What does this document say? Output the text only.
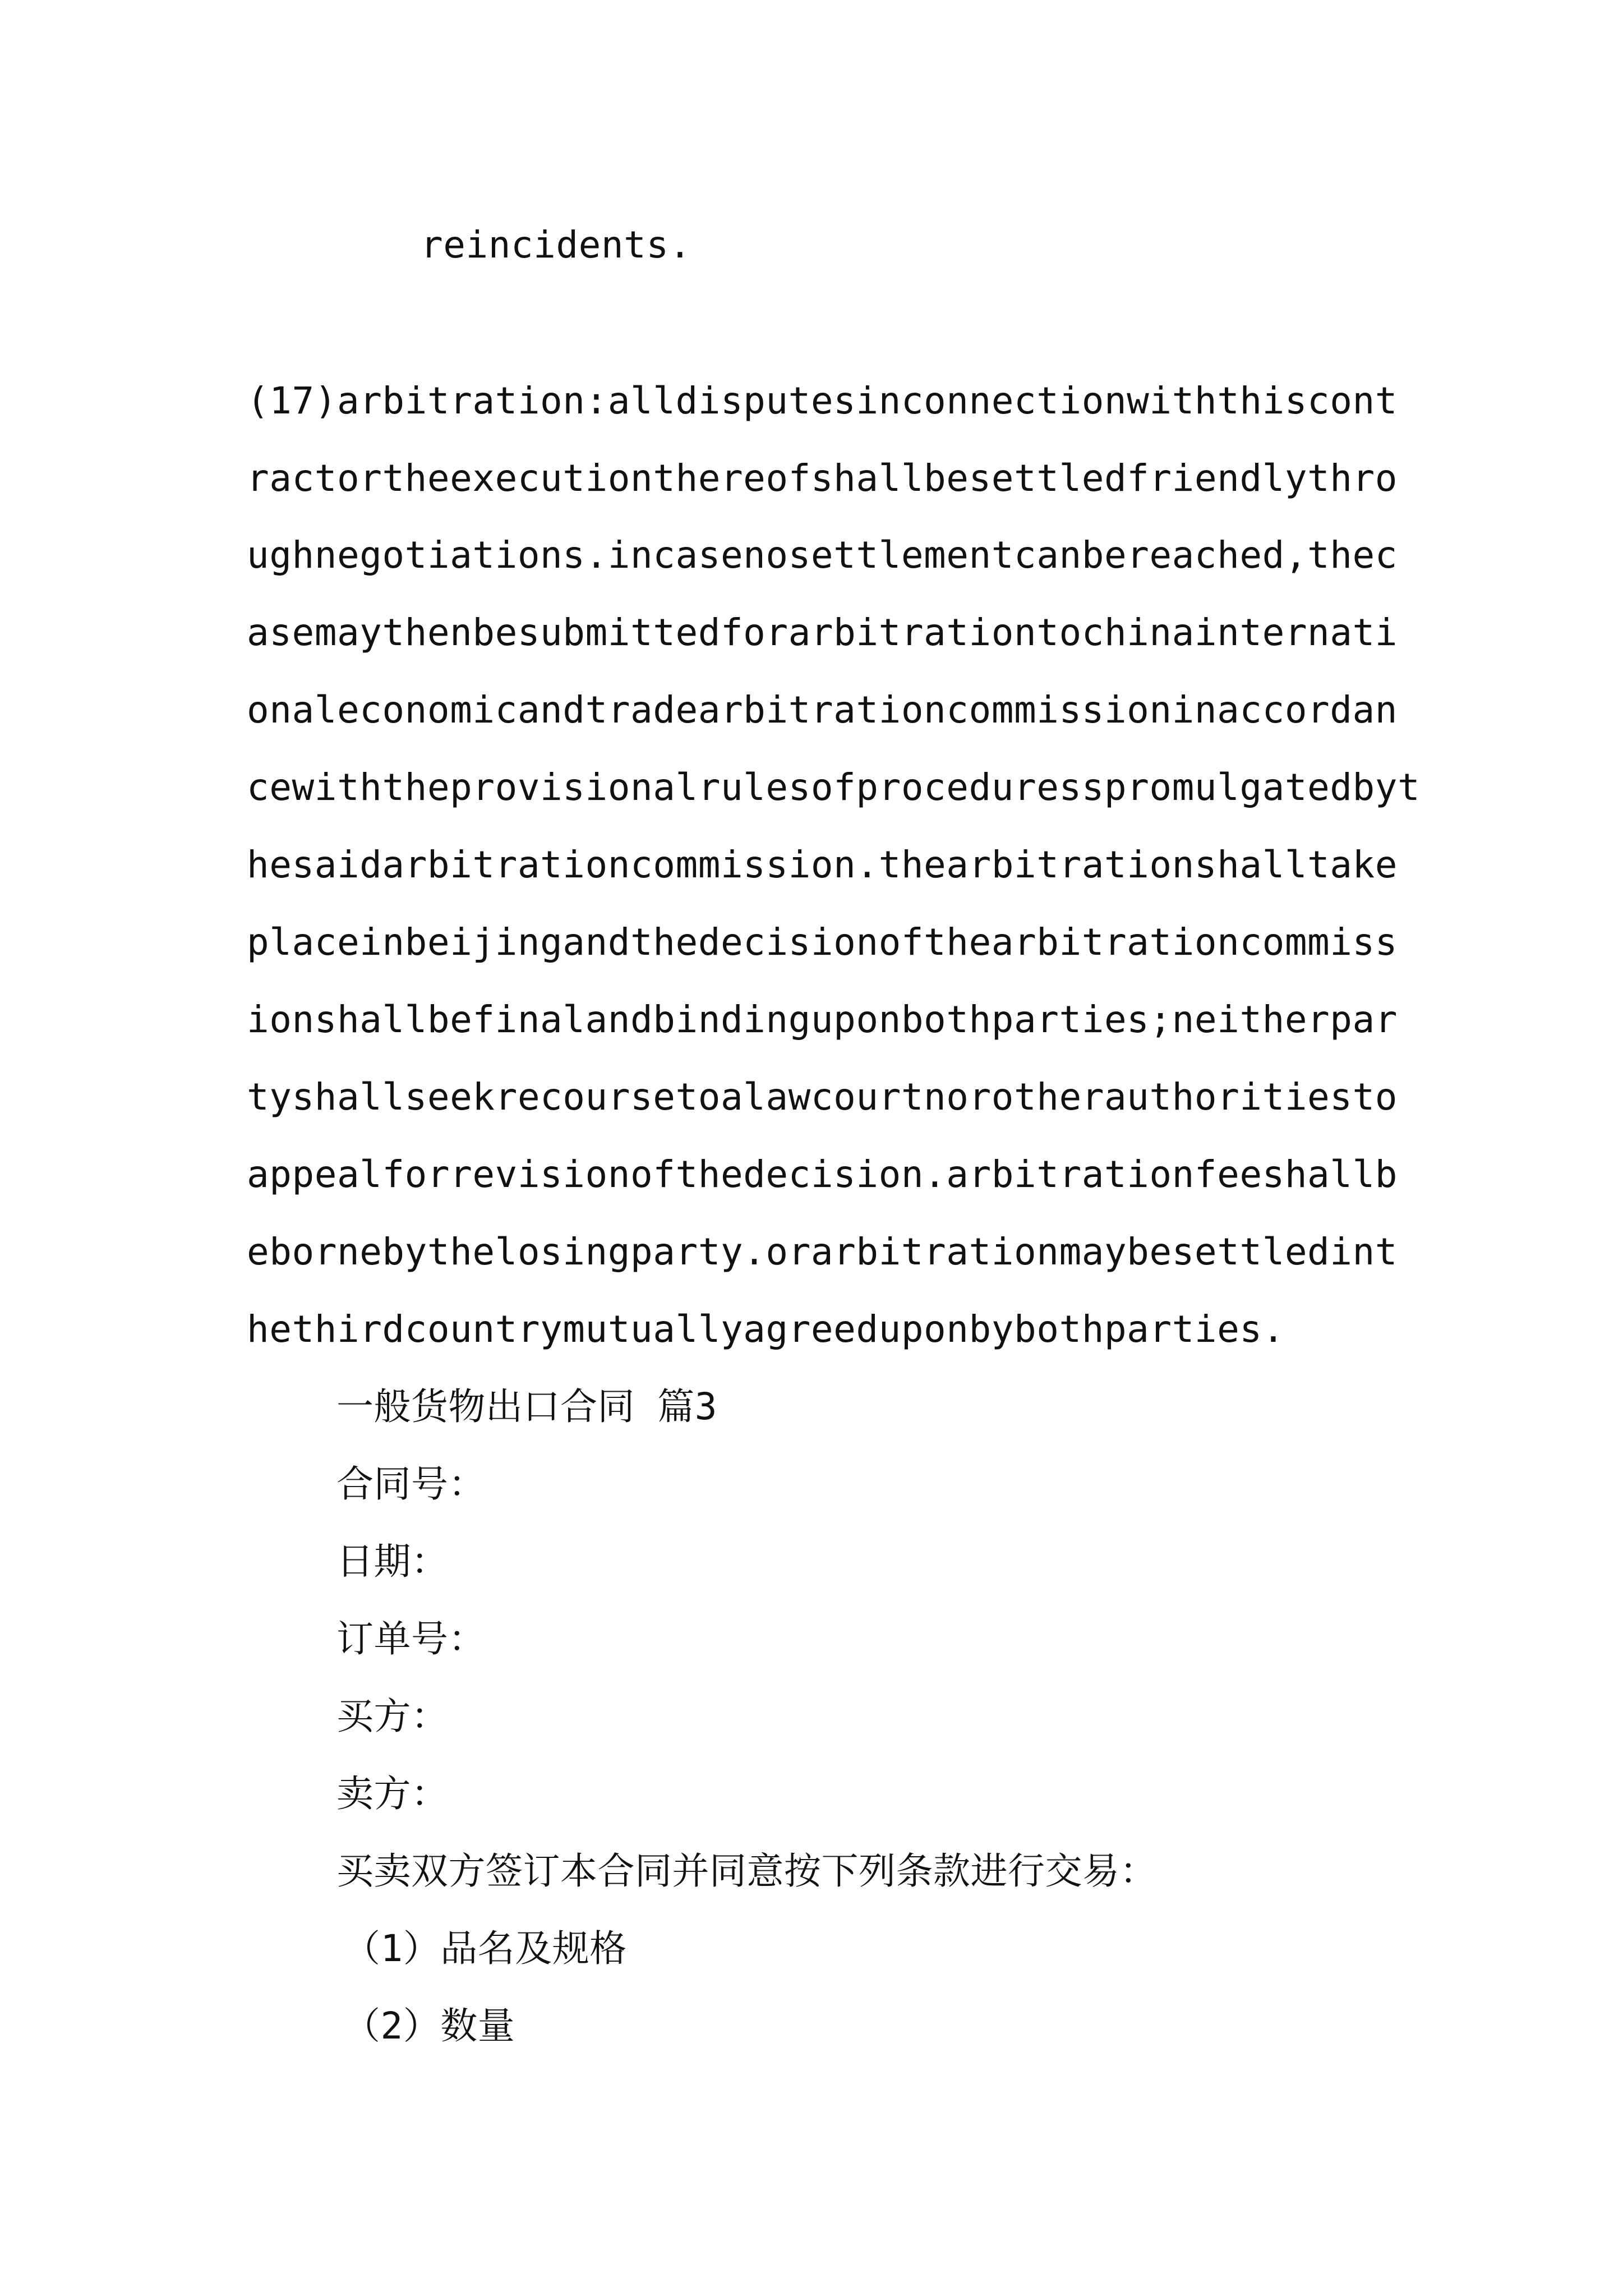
reincidents.
(17)arbitration:alldisputesinconnectionwiththiscont
ractortheexecutionthereofshallbesettledfriendlythro
ughnegotiations.incasenosettlementcanbereached,thec
asemaythenbesubmittedforarbitrationtochinainternati
onaleconomicandtradearbitrationcommissioninaccordan
cewiththeprovisionalrulesofproceduresspromulgatedbyt
hesaidarbitrationcommission.thearbitrationshalltake
placeinbeijingandthedecisionofthearbitrationcommiss
ionshallbefinalandbindinguponbothparties;neitherpar
tyshallseekrecoursetoalawcourtnorotherauthoritiesto
appealforrevisionofthedecision.arbitrationfeeshallb
ebornebythelosingparty.orarbitrationmaybesettledint
hethirdcountrymutuallyagreeduponbybothparties.
一般货物出口合同 篇3
合同号：
日期：
订单号：
买方：
卖方：
买卖双方签订本合同并同意按下列条款进行交易：
（1）品名及规格
（2）数量
